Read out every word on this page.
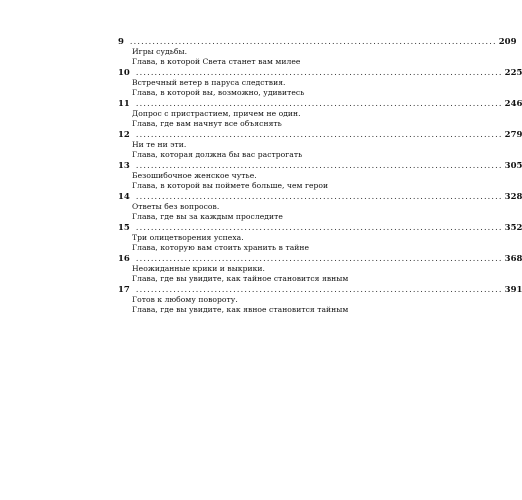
9 .................................................................................................. 209
Игры судьбы.
Глава, в которой Света станет вам милее
10 .................................................................................................. 225
Встречный ветер в паруса следствия.
Глава, в которой вы, возможно, удивитесь
11 .................................................................................................. 246
Допрос с пристрастием, причем не один.
Глава, где вам начнут все объяснять
12 .................................................................................................. 279
Ни те ни эти.
Глава, которая должна бы вас растрогать
13 .................................................................................................. 305
Безошибочное женское чутье.
Глава, в которой вы поймете больше, чем герои
14 .................................................................................................. 328
Ответы без вопросов.
Глава, где вы за каждым проследите
15 .................................................................................................. 352
Три олицетворения успеха.
Глава, которую вам стоить хранить в тайне
16 .................................................................................................. 368
Неожиданные крики и выкрики.
Глава, где вы увидите, как тайное становится явным
17 .................................................................................................. 391
Готов к любому повороту.
Глава, где вы увидите, как явное становится тайным
